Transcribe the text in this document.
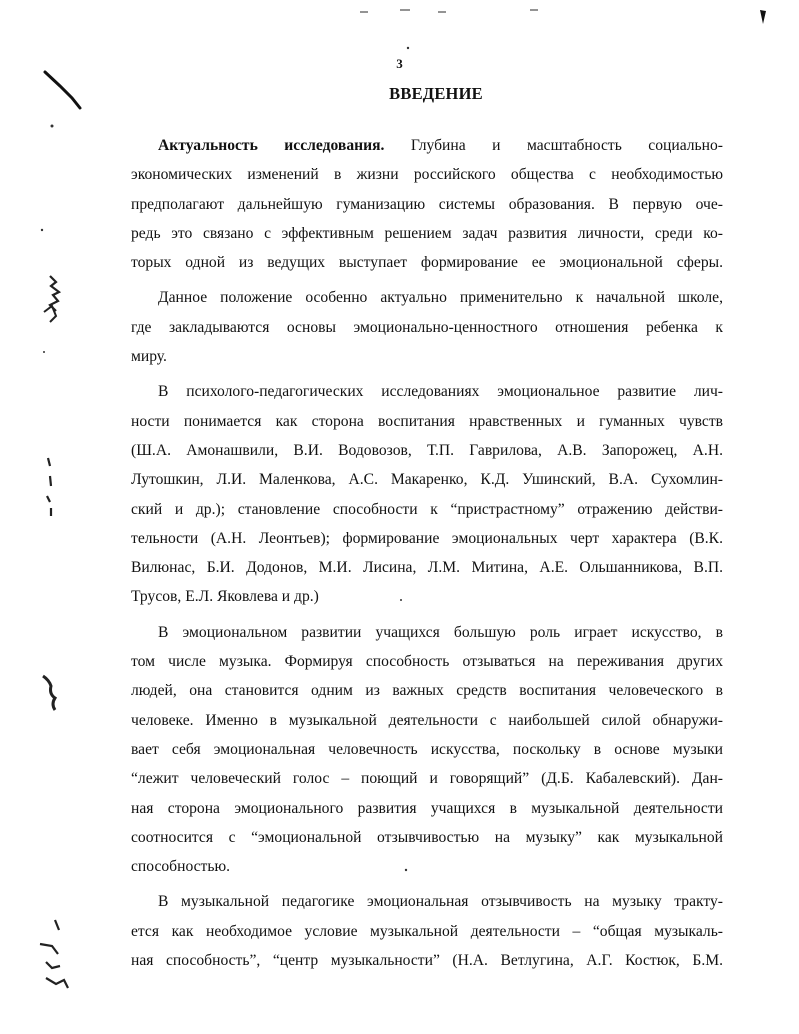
3
ВВЕДЕНИЕ
Актуальность исследования. Глубина и масштабность социально-
экономических изменений в жизни российского общества с необходимостью
предполагают дальнейшую гуманизацию системы образования. В первую оче-
редь это связано с эффективным решением задач развития личности, среди ко-
торых одной из ведущих выступает формирование ее эмоциональной сферы.
Данное положение особенно актуально применительно к начальной школе,
где закладываются основы эмоционально-ценностного отношения ребенка к
миру.
В психолого-педагогических исследованиях эмоциональное развитие лич-
ности понимается как сторона воспитания нравственных и гуманных чувств
(Ш.А. Амонашвили, В.И. Водовозов, Т.П. Гаврилова, А.В. Запорожец, А.Н.
Лутошкин, Л.И. Маленкова, А.С. Макаренко, К.Д. Ушинский, В.А. Сухомлин-
ский и др.); становление способности к “пристрастному” отражению действи-
тельности (А.Н. Леонтьев); формирование эмоциональных черт характера (В.К.
Вилюнас, Б.И. Додонов, М.И. Лисина, Л.М. Митина, А.Е. Ольшанникова, В.П.
Трусов, Е.Л. Яковлева и др.)
В эмоциональном развитии учащихся большую роль играет искусство, в
том числе музыка. Формируя способность отзываться на переживания других
людей, она становится одним из важных средств воспитания человеческого в
человеке. Именно в музыкальной деятельности с наибольшей силой обнаружи-
вает себя эмоциональная человечность искусства, поскольку в основе музыки
“лежит человеческий голос – поющий и говорящий” (Д.Б. Кабалевский). Дан-
ная сторона эмоционального развития учащихся в музыкальной деятельности
соотносится с “эмоциональной отзывчивостью на музыку” как музыкальной
способностью.
В музыкальной педагогике эмоциональная отзывчивость на музыку тракту-
ется как необходимое условие музыкальной деятельности – “общая музыкаль-
ная способность”, “центр музыкальности” (Н.А. Ветлугина, А.Г. Костюк, Б.М.
